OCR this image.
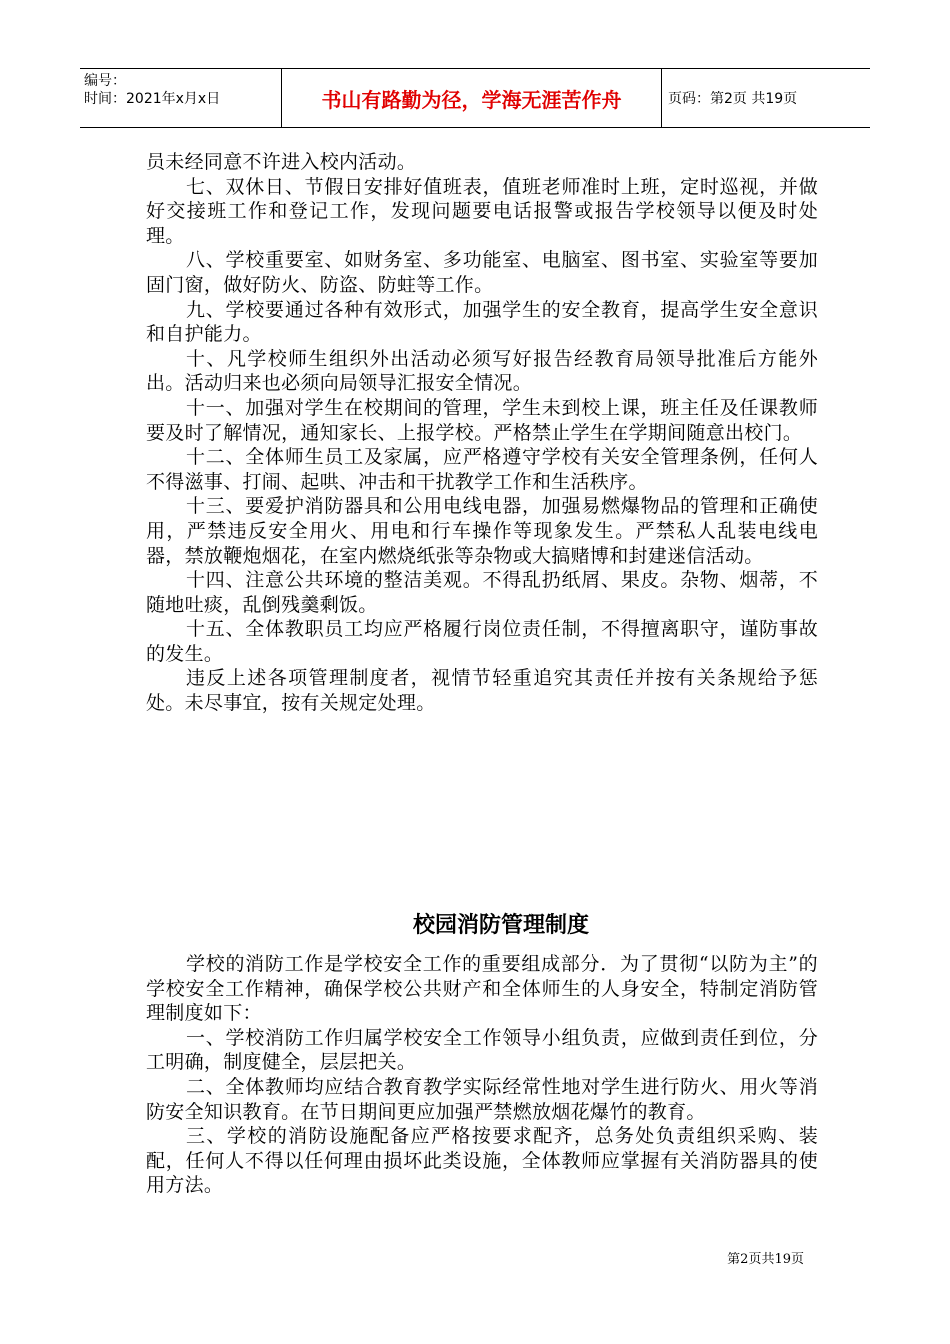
编号：
时间：2021年x月x日	书山有路勤为径，学海无涯苦作舟	页码：第2页 共19页

员未经同意不许进入校内活动。

七、双休日、节假日安排好值班表，值班老师准时上班，定时巡视，并做好交接班工作和登记工作，发现问题要电话报警或报告学校领导以便及时处理。

八、学校重要室、如财务室、多功能室、电脑室、图书室、实验室等要加固门窗，做好防火、防盗、防蛀等工作。

九、学校要通过各种有效形式，加强学生的安全教育，提高学生安全意识和自护能力。

十、凡学校师生组织外出活动必须写好报告经教育局领导批准后方能外出。活动归来也必须向局领导汇报安全情况。

十一、加强对学生在校期间的管理，学生未到校上课，班主任及任课教师要及时了解情况，通知家长、上报学校。严格禁止学生在学期间随意出校门。

十二、全体师生员工及家属，应严格遵守学校有关安全管理条例，任何人不得滋事、打闹、起哄、冲击和干扰教学工作和生活秩序。

十三、要爱护消防器具和公用电线电器，加强易燃爆物品的管理和正确使用，严禁违反安全用火、用电和行车操作等现象发生。严禁私人乱装电线电器，禁放鞭炮烟花，在室内燃烧纸张等杂物或大搞赌博和封建迷信活动。

十四、注意公共环境的整洁美观。不得乱扔纸屑、果皮。杂物、烟蒂，不随地吐痰，乱倒残羹剩饭。

十五、全体教职员工均应严格履行岗位责任制，不得擅离职守，谨防事故的发生。

违反上述各项管理制度者，视情节轻重追究其责任并按有关条规给予惩处。未尽事宜，按有关规定处理。

校园消防管理制度

学校的消防工作是学校安全工作的重要组成部分．为了贯彻“以防为主”的学校安全工作精神，确保学校公共财产和全体师生的人身安全，特制定消防管理制度如下：

一、学校消防工作归属学校安全工作领导小组负责，应做到责任到位，分工明确，制度健全，层层把关。

二、全体教师均应结合教育教学实际经常性地对学生进行防火、用火等消防安全知识教育。在节日期间更应加强严禁燃放烟花爆竹的教育。

三、学校的消防设施配备应严格按要求配齐，总务处负责组织采购、装配，任何人不得以任何理由损坏此类设施，全体教师应掌握有关消防器具的使用方法。

第2页共19页
